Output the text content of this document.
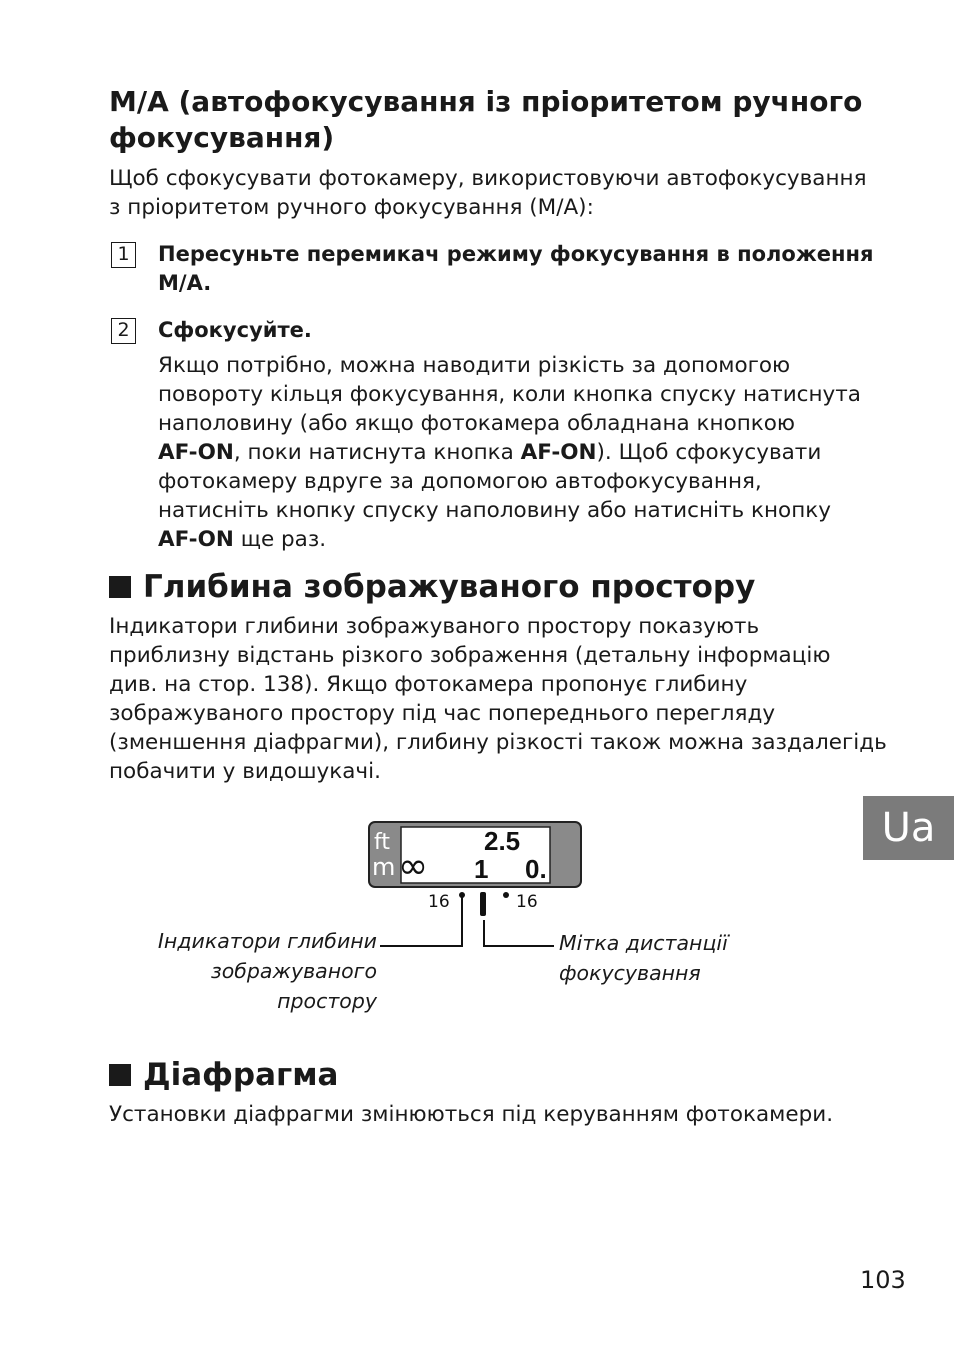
M/A (автофокусування із пріоритетом ручного
фокусування)
Щоб сфокусувати фотокамеру, використовуючи автофокусування
з пріоритетом ручного фокусування (M/A):
1	Пересуньте перемикач режиму фокусування в положення
M/A.
2	Сфокусуйте.
Якщо потрібно, можна наводити різкість за допомогою
повороту кільця фокусування, коли кнопка спуску натиснута
наполовину (або якщо фотокамера обладнана кнопкою
AF-ON, поки натиснута кнопка AF-ON). Щоб сфокусувати
фотокамеру вдруге за допомогою автофокусування,
натисніть кнопку спуску наполовину або натисніть кнопку
AF-ON ще раз.
Глибина зображуваного простору
Індикатори глибини зображуваного простору показують
приблизну відстань різкого зображення (детальну інформацію
див. на стор. 138). Якщо фотокамера пропонує глибину
зображуваного простору під час попереднього перегляду
(зменшення діафрагми), глибину різкості також можна заздалегідь
побачити у видошукачі.
ft
m
2.5
∞ 1 0.
16	16
Індикатори глибини
зображуваного
простору
Мітка дистанції
фокусування
Діафрагма
Установки діафрагми змінюються під керуванням фотокамери.
Ua
103
